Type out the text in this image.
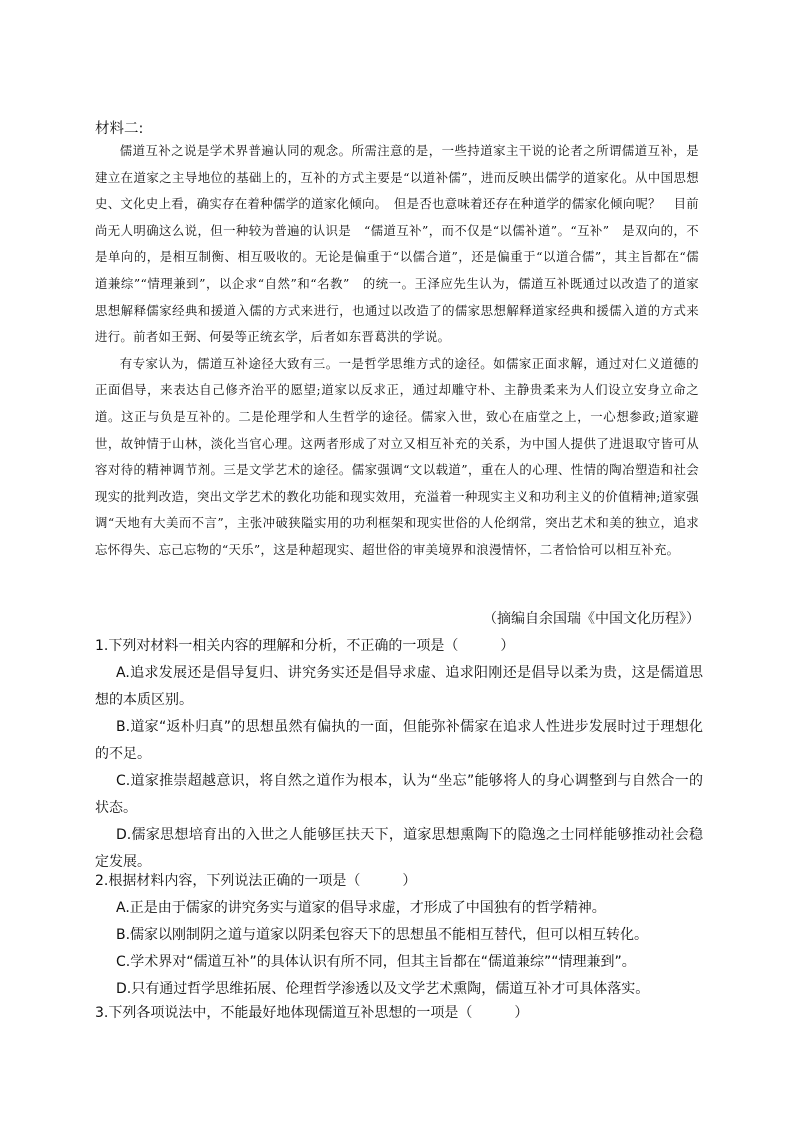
材料二:

儒道互补之说是学术界普遍认同的观念。所需注意的是，一些持道家主干说的论者之所谓儒道互补，是建立在道家之主导地位的基础上的，互补的方式主要是“以道补儒”，进而反映出儒学的道家化。从中国思想史、文化史上看，确实存在着种儒学的道家化倾向。　但是否也意味着还存在种道学的儒家化倾向呢？　目前尚无人明确这么说，但一种较为普遍的认识是　“儒道互补”，而不仅是“以儒补道”。“互补”　是双向的，不是单向的，是相互制衡、相互吸收的。无论是偏重于“以儒合道”，还是偏重于“以道合儒”，其主旨都在“儒道兼综”“情理兼到”，以企求“自然”和“名教”　的统一。王泽应先生认为，儒道互补既通过以改造了的道家思想解释儒家经典和援道入儒的方式来进行，也通过以改造了的儒家思想解释道家经典和援儒入道的方式来进行。前者如王弼、何晏等正统玄学，后者如东晋葛洪的学说。

有专家认为，儒道互补途径大致有三。一是哲学思维方式的途径。如儒家正面求解，通过对仁义道德的正面倡导，来表达自己修齐治平的愿望;道家以反求正，通过却雕守朴、主静贵柔来为人们设立安身立命之道。这正与负是互补的。二是伦理学和人生哲学的途径。儒家入世，致心在庙堂之上，一心想参政;道家避世，故钟情于山林，淡化当官心理。这两者形成了对立又相互补充的关系，为中国人提供了进退取守皆可从容对待的精神调节剂。三是文学艺术的途径。儒家强调“文以载道”，重在人的心理、性情的陶冶塑造和社会现实的批判改造，突出文学艺术的教化功能和现实效用，充溢着一种现实主义和功利主义的价值精神;道家强调“天地有大美而不言”，主张冲破狭隘实用的功利框架和现实世俗的人伦纲常，突出艺术和美的独立，追求忘怀得失、忘己忘物的“天乐”，这是种超现实、超世俗的审美境界和浪漫情怀，二者恰恰可以相互补充。

（摘编自余国瑞《中国文化历程》）

1.下列对材料一相关内容的理解和分析，不正确的一项是（　　　）

A.追求发展还是倡导复归、讲究务实还是倡导求虚、追求阳刚还是倡导以柔为贵，这是儒道思想的本质区别。

B.道家“返朴归真”的思想虽然有偏执的一面，但能弥补儒家在追求人性进步发展时过于理想化的不足。

C.道家推崇超越意识，将自然之道作为根本，认为“坐忘”能够将人的身心调整到与自然合一的状态。

D.儒家思想培育出的入世之人能够匡扶天下，道家思想熏陶下的隐逸之士同样能够推动社会稳定发展。

2.根据材料内容，下列说法正确的一项是（　　　）

A.正是由于儒家的讲究务实与道家的倡导求虚，才形成了中国独有的哲学精神。

B.儒家以刚制阴之道与道家以阴柔包容天下的思想虽不能相互替代，但可以相互转化。

C.学术界对“儒道互补”的具体认识有所不同，但其主旨都在“儒道兼综”“情理兼到”。

D.只有通过哲学思维拓展、伦理哲学渗透以及文学艺术熏陶，儒道互补才可具体落实。

3.下列各项说法中，不能最好地体现儒道互补思想的一项是（　　　）
